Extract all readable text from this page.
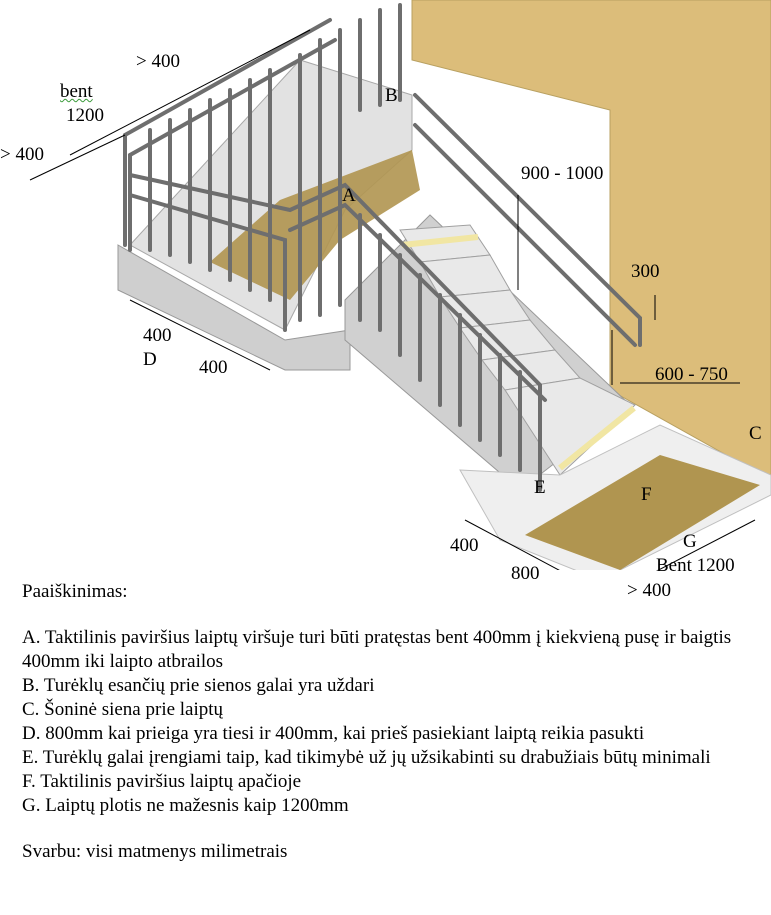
A
B
C
D
E	F
G
> 400
bent
1200
> 400
400
400
900 - 1000
300
600 - 750
400
800	Bent 1200
> 400

Paaiškinimas:

A. Taktilinis paviršius laiptų viršuje turi būti pratęstas bent 400mm į kiekvieną pusę ir baigtis 400mm iki laipto atbrailos

B. Turėklų esančių prie sienos galai yra uždari

C. Šoninė siena prie laiptų

D. 800mm kai prieiga yra tiesi ir 400mm, kai prieš pasiekiant laiptą reikia pasukti

E. Turėklų galai įrengiami taip, kad tikimybė už jų užsikabinti su drabužiais būtų minimali

F. Taktilinis paviršius laiptų apačioje

G. Laiptų plotis ne mažesnis kaip 1200mm

Svarbu: visi matmenys milimetrais
